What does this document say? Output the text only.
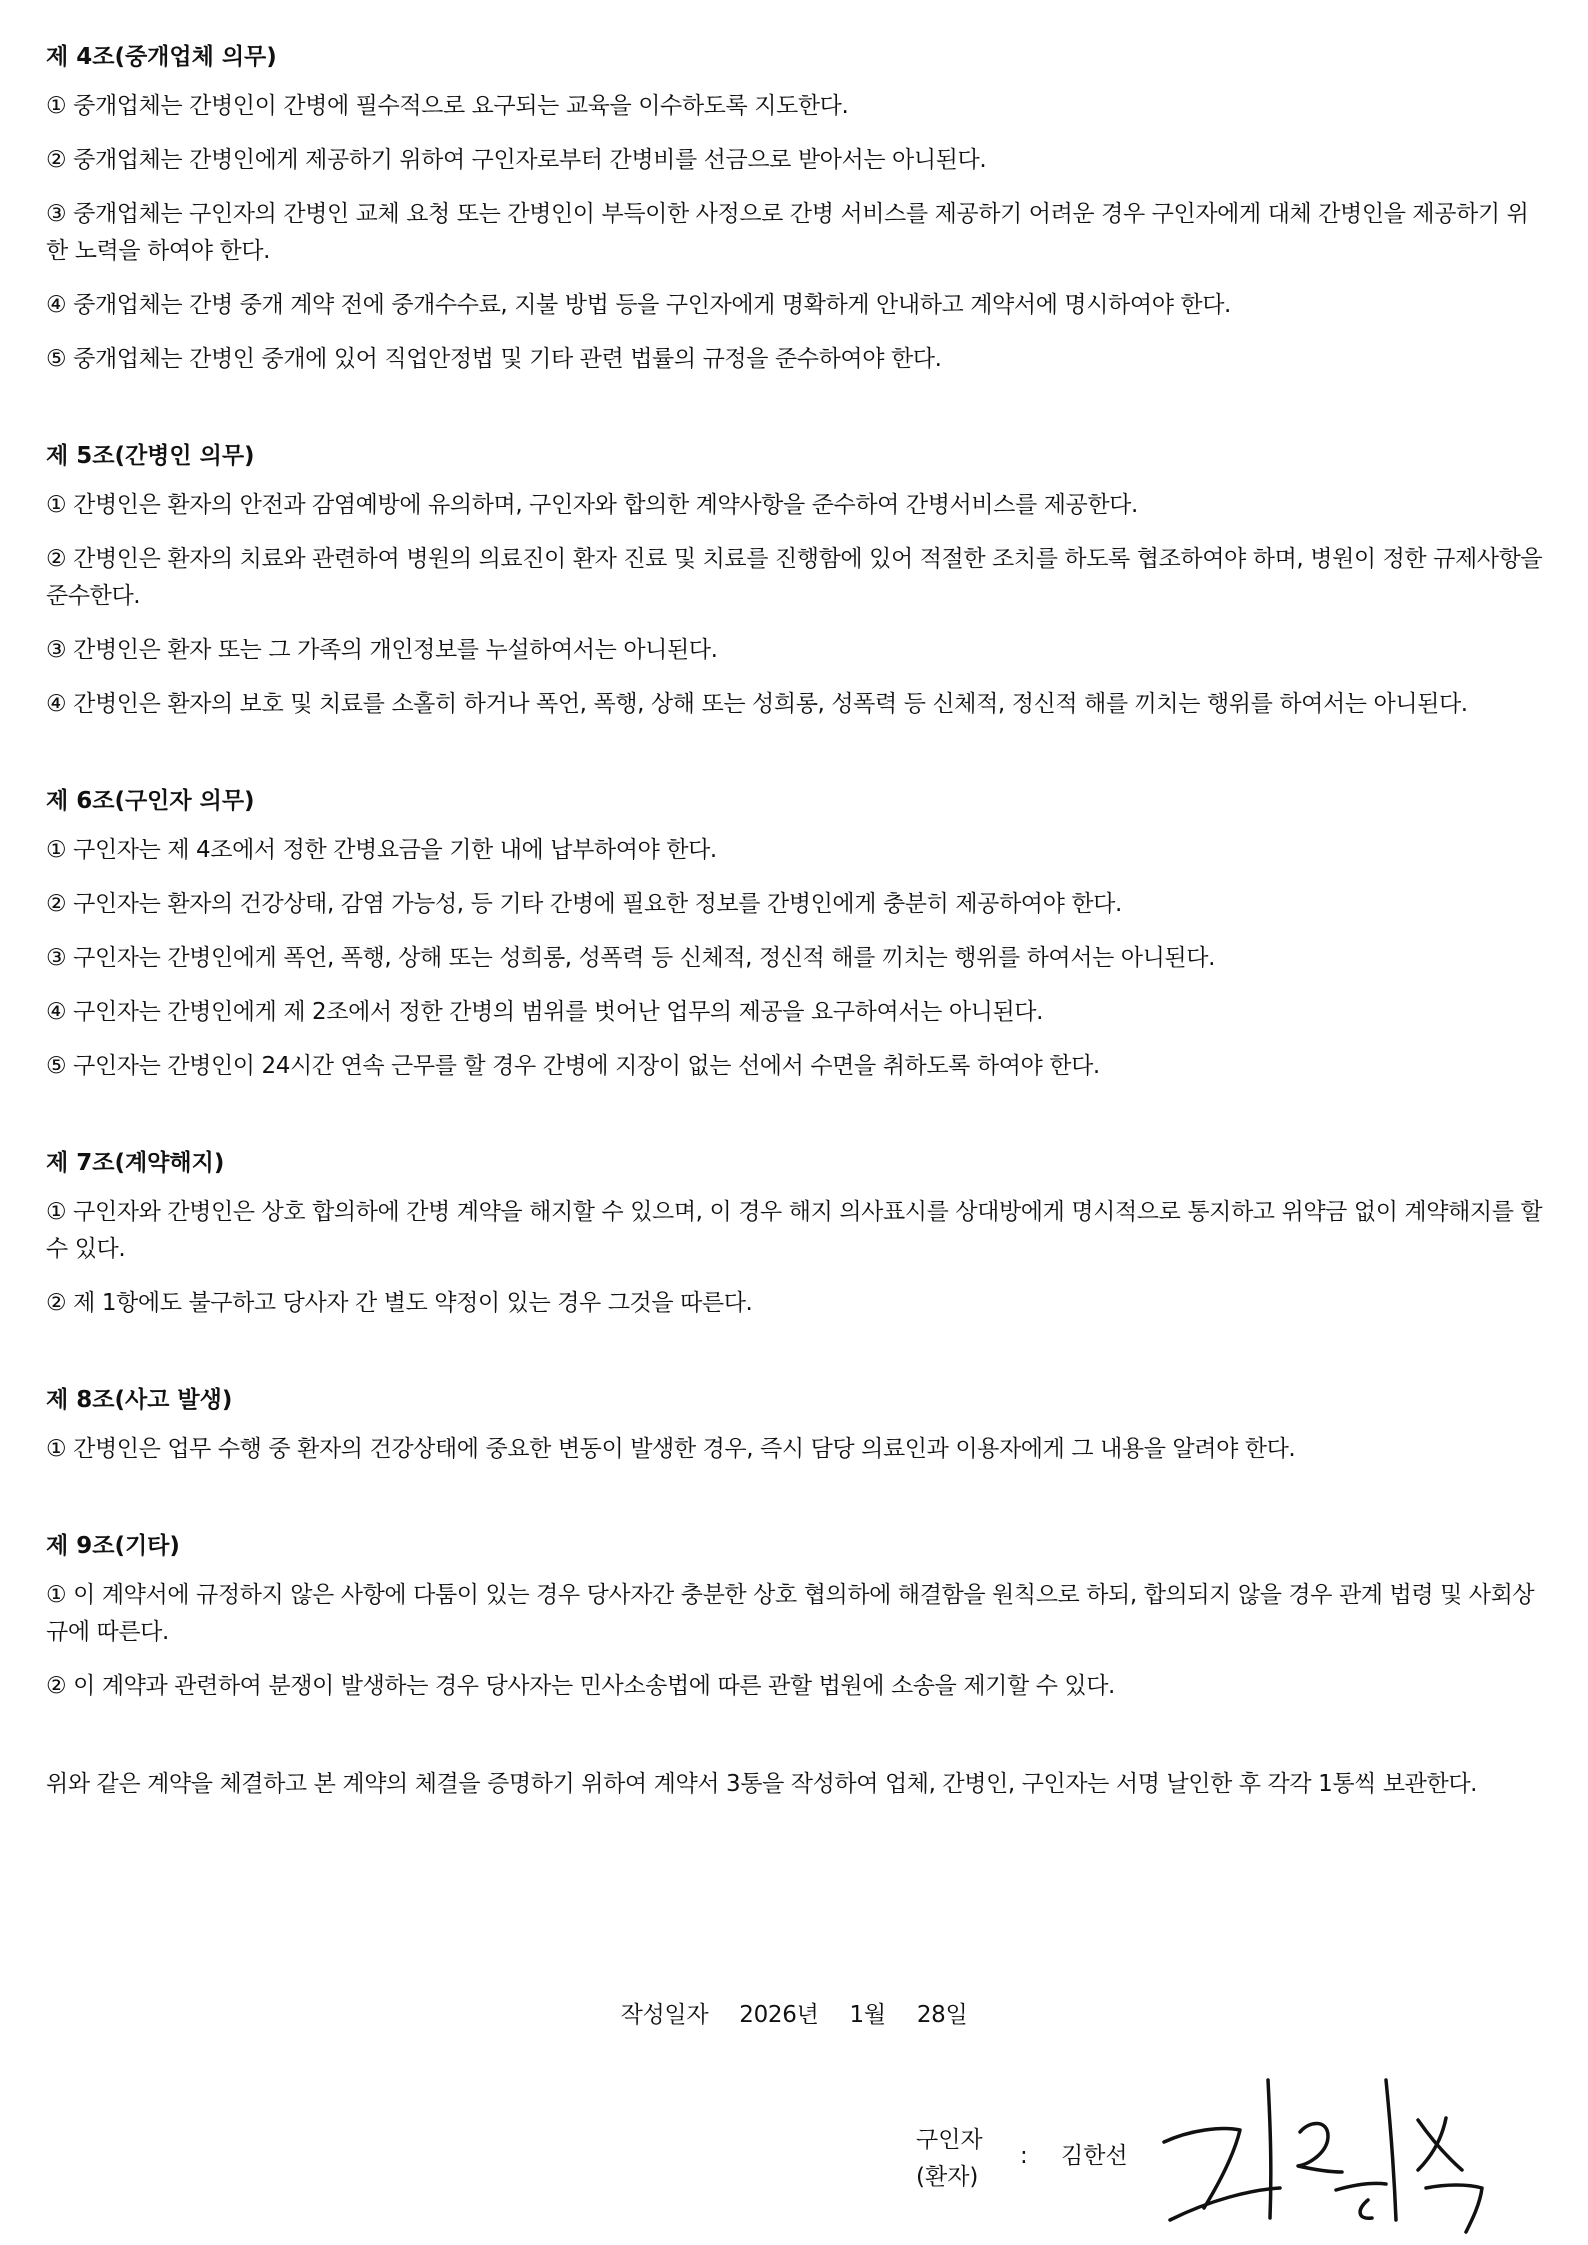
제 4조(중개업체 의무)
① 중개업체는 간병인이 간병에 필수적으로 요구되는 교육을 이수하도록 지도한다.
② 중개업체는 간병인에게 제공하기 위하여 구인자로부터 간병비를 선금으로 받아서는 아니된다.
③ 중개업체는 구인자의 간병인 교체 요청 또는 간병인이 부득이한 사정으로 간병 서비스를 제공하기 어려운 경우 구인자에게 대체 간병인을 제공하기 위한 노력을 하여야 한다.
④ 중개업체는 간병 중개 계약 전에 중개수수료, 지불 방법 등을 구인자에게 명확하게 안내하고 계약서에 명시하여야 한다.
⑤ 중개업체는 간병인 중개에 있어 직업안정법 및 기타 관련 법률의 규정을 준수하여야 한다.
제 5조(간병인 의무)
① 간병인은 환자의 안전과 감염예방에 유의하며, 구인자와 합의한 계약사항을 준수하여 간병서비스를 제공한다.
② 간병인은 환자의 치료와 관련하여 병원의 의료진이 환자 진료 및 치료를 진행함에 있어 적절한 조치를 하도록 협조하여야 하며, 병원이 정한 규제사항을 준수한다.
③ 간병인은 환자 또는 그 가족의 개인정보를 누설하여서는 아니된다.
④ 간병인은 환자의 보호 및 치료를 소홀히 하거나 폭언, 폭행, 상해 또는 성희롱, 성폭력 등 신체적, 정신적 해를 끼치는 행위를 하여서는 아니된다.
제 6조(구인자 의무)
① 구인자는 제 4조에서 정한 간병요금을 기한 내에 납부하여야 한다.
② 구인자는 환자의 건강상태, 감염 가능성, 등 기타 간병에 필요한 정보를 간병인에게 충분히 제공하여야 한다.
③ 구인자는 간병인에게 폭언, 폭행, 상해 또는 성희롱, 성폭력 등 신체적, 정신적 해를 끼치는 행위를 하여서는 아니된다.
④ 구인자는 간병인에게 제 2조에서 정한 간병의 범위를 벗어난 업무의 제공을 요구하여서는 아니된다.
⑤ 구인자는 간병인이 24시간 연속 근무를 할 경우 간병에 지장이 없는 선에서 수면을 취하도록 하여야 한다.
제 7조(계약해지)
① 구인자와 간병인은 상호 합의하에 간병 계약을 해지할 수 있으며, 이 경우 해지 의사표시를 상대방에게 명시적으로 통지하고 위약금 없이 계약해지를 할 수 있다.
② 제 1항에도 불구하고 당사자 간 별도 약정이 있는 경우 그것을 따른다.
제 8조(사고 발생)
① 간병인은 업무 수행 중 환자의 건강상태에 중요한 변동이 발생한 경우, 즉시 담당 의료인과 이용자에게 그 내용을 알려야 한다.
제 9조(기타)
① 이 계약서에 규정하지 않은 사항에 다툼이 있는 경우 당사자간 충분한 상호 협의하에 해결함을 원칙으로 하되, 합의되지 않을 경우 관계 법령 및 사회상규에 따른다.
② 이 계약과 관련하여 분쟁이 발생하는 경우 당사자는 민사소송법에 따른 관할 법원에 소송을 제기할 수 있다.
위와 같은 계약을 체결하고 본 계약의 체결을 증명하기 위하여 계약서 3통을 작성하여 업체, 간병인, 구인자는 서명 날인한 후 각각 1통씩 보관한다.
작성일자 2026년 1월 28일
구인자
(환자)
: 김한선
